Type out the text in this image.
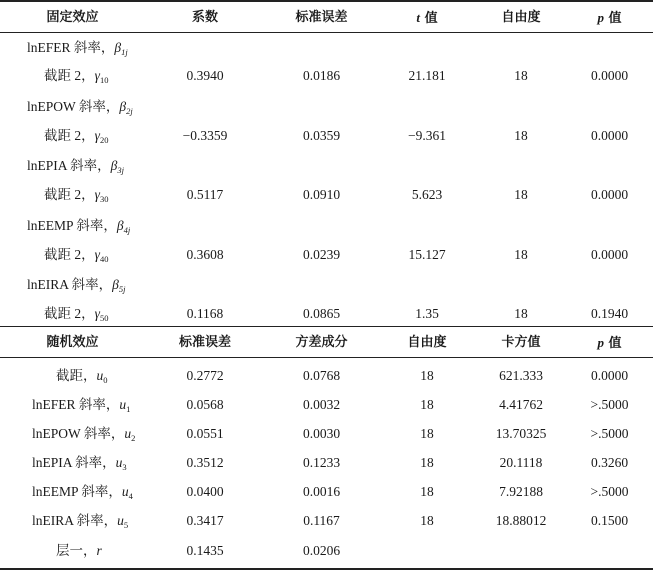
固定效应	系数	标准误差	t 值	自由度	p 值
lnEFER 斜率，$\beta_{1j}$
截距 2，$\gamma_{10}$	0.3940	0.0186	21.181	18	0.0000
lnEPOW 斜率，$\beta_{2j}$
截距 2，$\gamma_{20}$	−0.3359	0.0359	−9.361	18	0.0000
lnEPIA 斜率，$\beta_{3j}$
截距 2，$\gamma_{30}$	0.5117	0.0910	5.623	18	0.0000
lnEEMP 斜率，$\beta_{4j}$
截距 2，$\gamma_{40}$	0.3608	0.0239	15.127	18	0.0000
lnEIRA 斜率，$\beta_{5j}$
截距 2，$\gamma_{50}$	0.1168	0.0865	1.35	18	0.1940
随机效应	标准误差	方差成分	自由度	卡方值	p 值
截距，$u_0$	0.2772	0.0768	18	621.333	0.0000
lnEFER 斜率，$u_1$	0.0568	0.0032	18	4.41762	>.5000
lnEPOW 斜率，$u_2$	0.0551	0.0030	18	13.70325	>.5000
lnEPIA 斜率，$u_3$	0.3512	0.1233	18	20.1118	0.3260
lnEEMP 斜率，$u_4$	0.0400	0.0016	18	7.92188	>.5000
lnEIRA 斜率，$u_5$	0.3417	0.1167	18	18.88012	0.1500
层一，r	0.1435	0.0206
